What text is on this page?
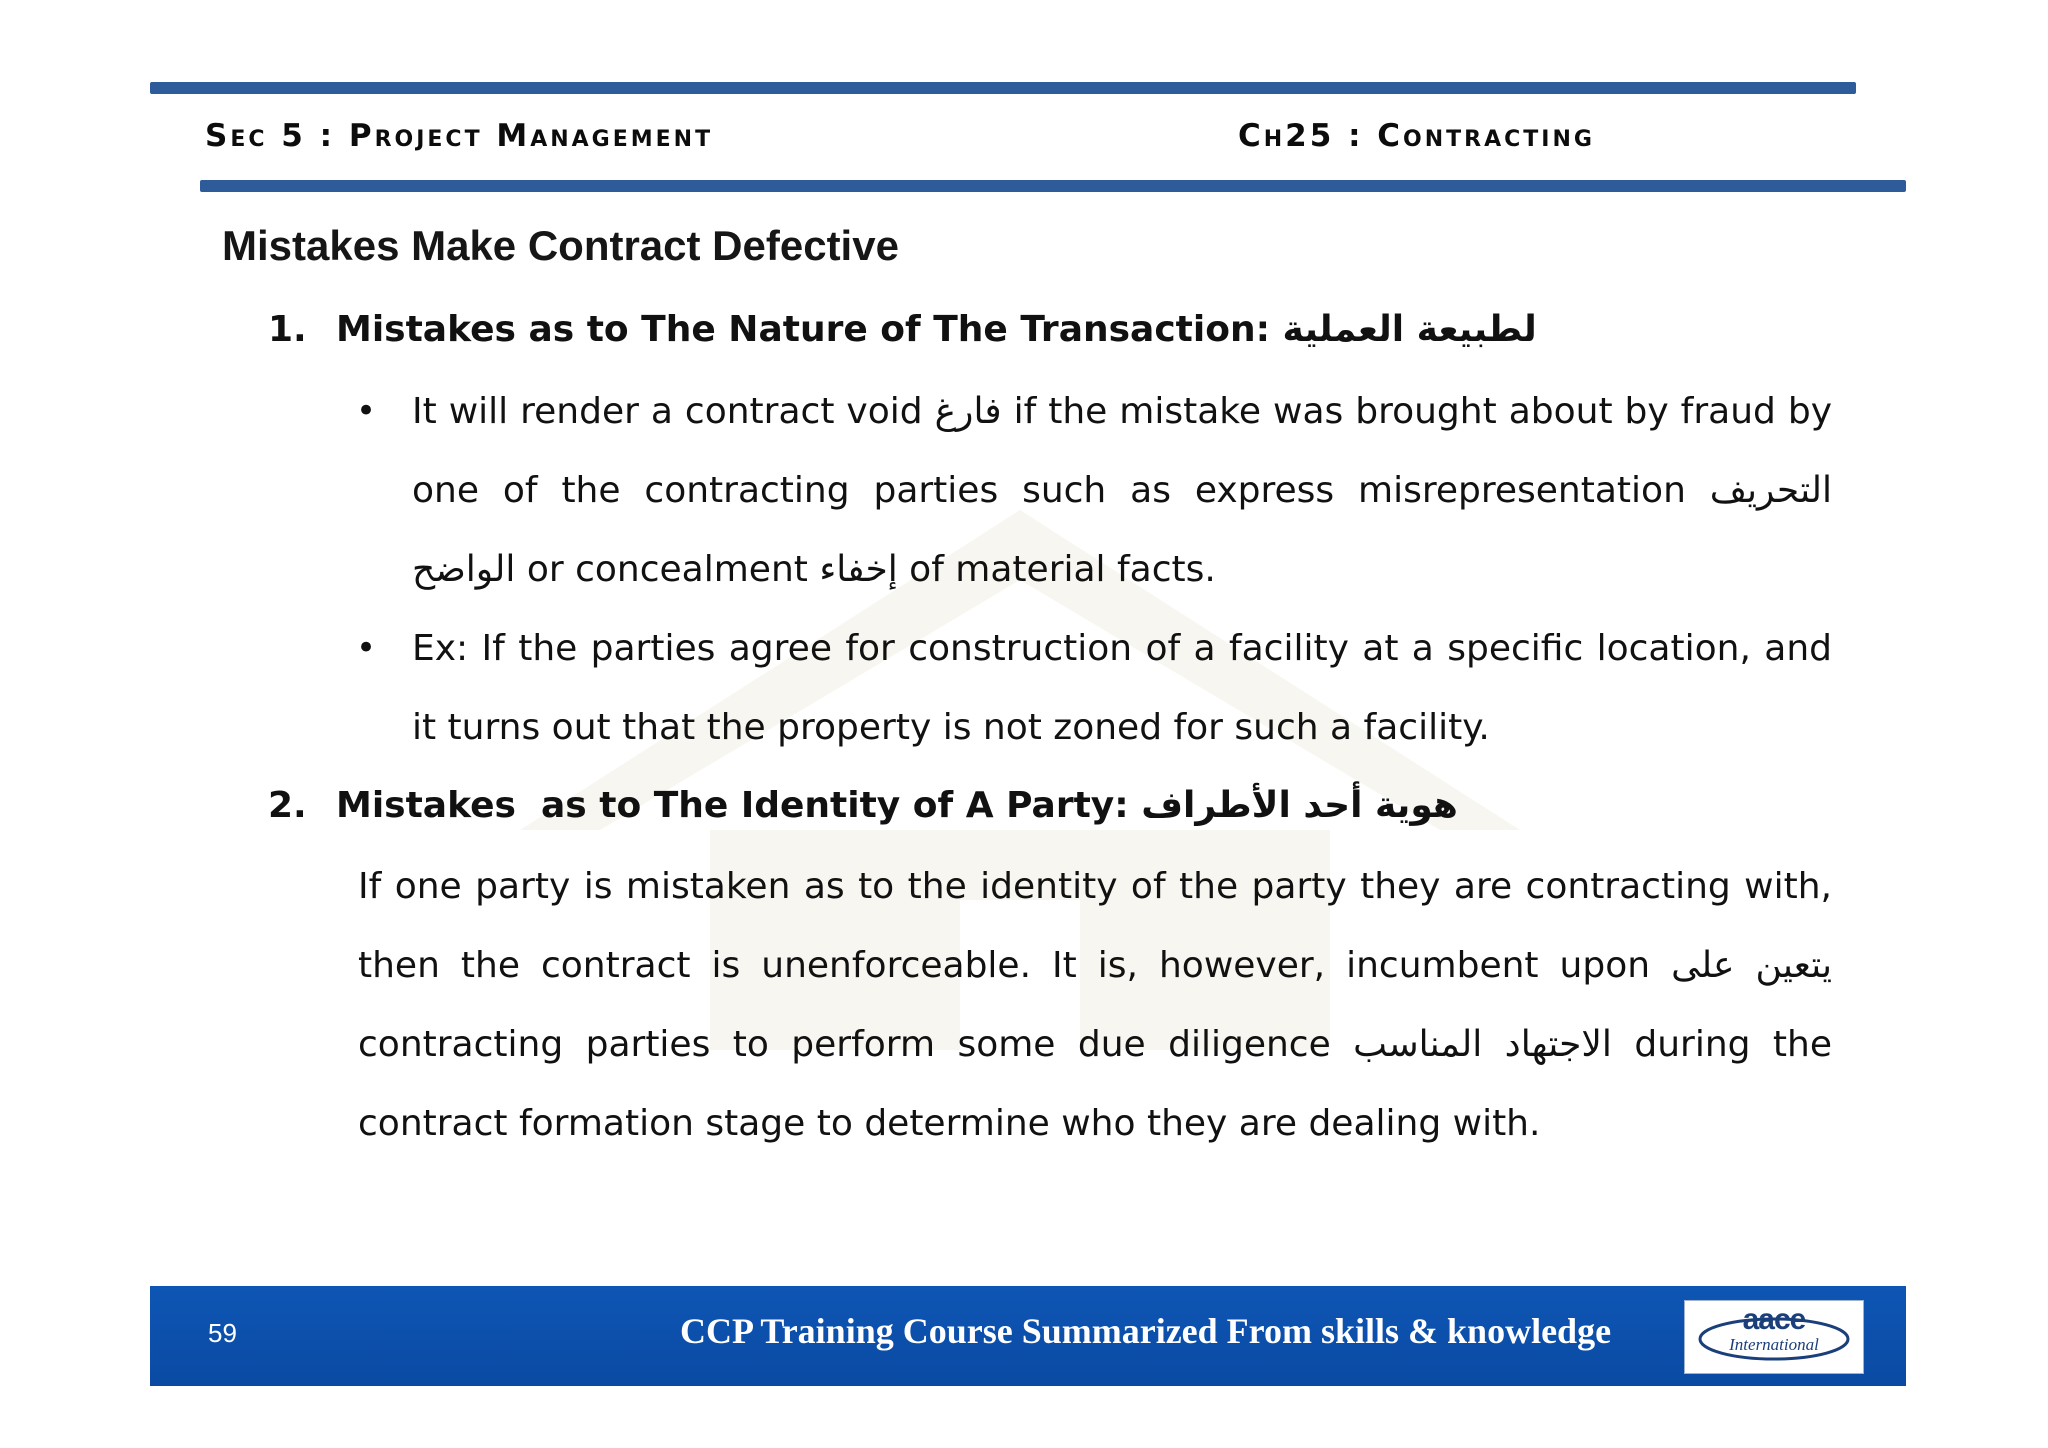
Sec 5 : Project Management	Ch25 : Contracting
Mistakes Make Contract Defective
1. Mistakes as to The Nature of The Transaction: لطبيعة العملية
• It will render a contract void فارغ if the mistake was brought about by fraud by one of the contracting parties such as express misrepresentation التحريف الواضح or concealment إخفاء of material facts.
• Ex: If the parties agree for construction of a facility at a specific location, and it turns out that the property is not zoned for such a facility.
2. Mistakes  as to The Identity of A Party: هوية أحد الأطراف
If one party is mistaken as to the identity of the party they are contracting with, then the contract is unenforceable. It is, however, incumbent upon يتعين على contracting parties to perform some due diligence الاجتهاد المناسب during the contract formation stage to determine who they are dealing with.
59	CCP Training Course Summarized From skills & knowledge	aace
International
